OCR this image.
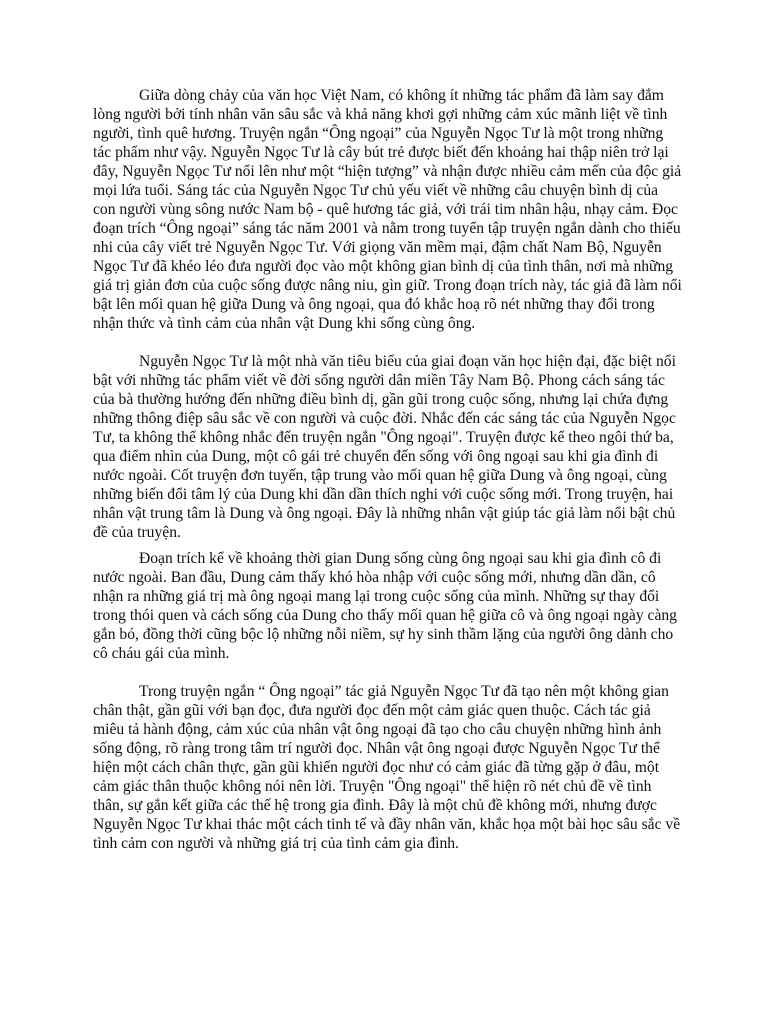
Giữa dòng chảy của văn học Việt Nam, có không ít những tác phẩm đã làm say đắm lòng người bởi tính nhân văn sâu sắc và khả năng khơi gợi những cảm xúc mãnh liệt về tình người, tình quê hương. Truyện ngắn “Ông ngoại” của Nguyễn Ngọc Tư là một trong những tác phẩm như vậy. Nguyễn Ngọc Tư là cây bút trẻ được biết đến khoảng hai thập niên trở lại đây, Nguyễn Ngọc Tư nổi lên như một “hiện tượng” và nhận được nhiều cảm mến của độc giả mọi lứa tuổi. Sáng tác của Nguyễn Ngọc Tư chủ yếu viết về những câu chuyện bình dị của con người vùng sông nước Nam bộ - quê hương tác giả, với trái tim nhân hậu, nhạy cảm. Đọc đoạn trích “Ông ngoại” sáng tác năm 2001 và nằm trong tuyển tập truyện ngắn dành cho thiếu nhi của cây viết trẻ Nguyễn Ngọc Tư. Với giọng văn mềm mại, đậm chất Nam Bộ, Nguyễn Ngọc Tư đã khéo léo đưa người đọc vào một không gian bình dị của tình thân, nơi mà những giá trị giản đơn của cuộc sống được nâng niu, gìn giữ. Trong đoạn trích này, tác giả đã làm nổi bật lên mối quan hệ giữa Dung và ông ngoại, qua đó khắc hoạ rõ nét những thay đổi trong nhận thức và tình cảm của nhân vật Dung khi sống cùng ông.

Nguyễn Ngọc Tư là một nhà văn tiêu biểu của giai đoạn văn học hiện đại, đặc biệt nổi bật với những tác phẩm viết về đời sống người dân miền Tây Nam Bộ. Phong cách sáng tác của bà thường hướng đến những điều bình dị, gần gũi trong cuộc sống, nhưng lại chứa đựng những thông điệp sâu sắc về con người và cuộc đời. Nhắc đến các sáng tác của Nguyễn Ngọc Tư, ta không thể không nhắc đến truyện ngắn "Ông ngoại". Truyện được kể theo ngôi thứ ba, qua điểm nhìn của Dung, một cô gái trẻ chuyển đến sống với ông ngoại sau khi gia đình đi nước ngoài. Cốt truyện đơn tuyến, tập trung vào mối quan hệ giữa Dung và ông ngoại, cùng những biến đổi tâm lý của Dung khi dần dần thích nghi với cuộc sống mới. Trong truyện, hai nhân vật trung tâm là Dung và ông ngoại. Đây là những nhân vật giúp tác giả làm nổi bật chủ đề của truyện.

Đoạn trích kể về khoảng thời gian Dung sống cùng ông ngoại sau khi gia đình cô đi nước ngoài. Ban đầu, Dung cảm thấy khó hòa nhập với cuộc sống mới, nhưng dần dần, cô nhận ra những giá trị mà ông ngoại mang lại trong cuộc sống của mình. Những sự thay đổi trong thói quen và cách sống của Dung cho thấy mối quan hệ giữa cô và ông ngoại ngày càng gắn bó, đồng thời cũng bộc lộ những nỗi niềm, sự hy sinh thầm lặng của người ông dành cho cô cháu gái của mình.

Trong truyện ngắn “ Ông ngoại” tác giả Nguyễn Ngọc Tư đã tạo nên một không gian chân thật, gần gũi với bạn đọc, đưa người đọc đến một cảm giác quen thuộc. Cách tác giả miêu tả hành động, cảm xúc của nhân vật ông ngoại đã tạo cho câu chuyện những hình ảnh sống động, rõ ràng trong tâm trí người đọc. Nhân vật ông ngoại được Nguyễn Ngọc Tư thể hiện một cách chân thực, gần gũi khiến người đọc như có cảm giác đã từng gặp ở đâu, một cảm giác thân thuộc không nói nên lời. Truyện "Ông ngoại" thể hiện rõ nét chủ đề về tình thân, sự gắn kết giữa các thế hệ trong gia đình. Đây là một chủ đề không mới, nhưng được Nguyễn Ngọc Tư khai thác một cách tinh tế và đầy nhân văn, khắc họa một bài học sâu sắc về tình cảm con người và những giá trị của tình cảm gia đình.
